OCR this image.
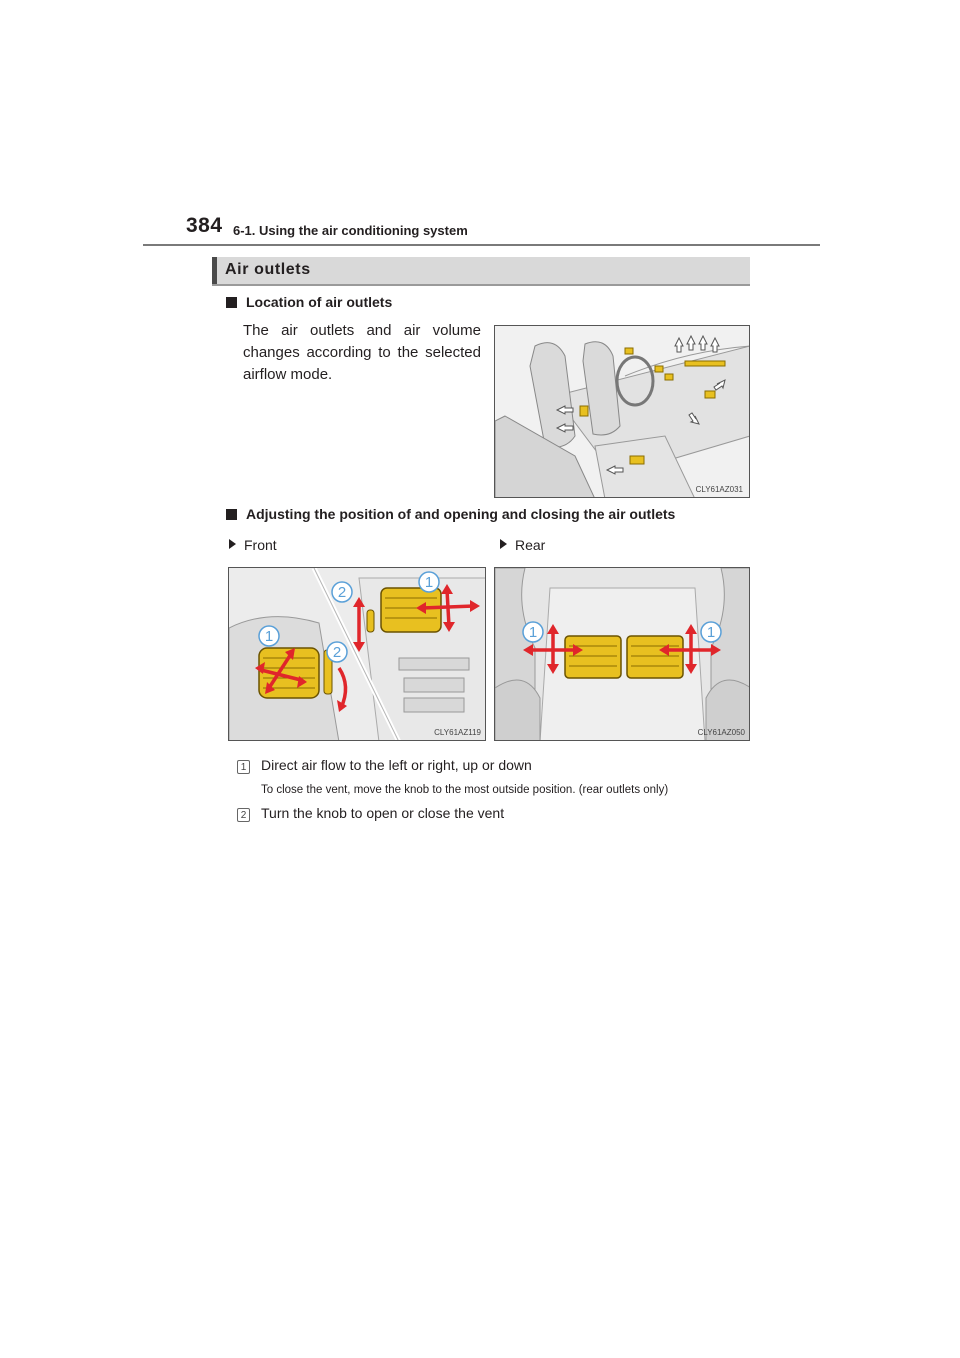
384 6-1. Using the air conditioning system
Air outlets
Location of air outlets
The air outlets and air volume changes according to the selected airflow mode.
CLY61AZ031
Adjusting the position of and opening and closing the air outlets
Front	Rear
1
1
2
2
CLY61AZ119
1	1
CLY61AZ050
1 Direct air flow to the left or right, up or down
To close the vent, move the knob to the most outside position. (rear outlets only)
2 Turn the knob to open or close the vent
